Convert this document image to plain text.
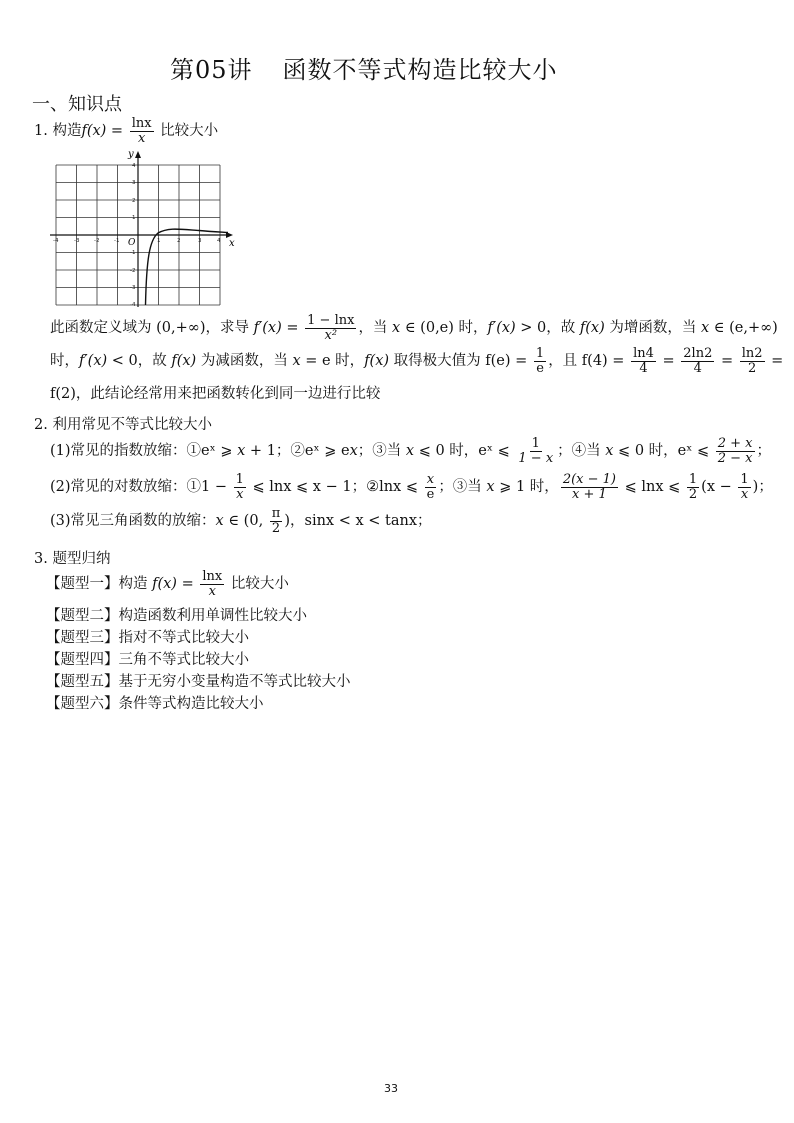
第05讲 函数不等式构造比较大小
一、知识点
1. 构造$f(x) = \frac{\ln x}{x}$ 比较大小
x
y
O
-4	-3	-2	-1	1	2	3	4
4
3
2
1
-1
-2
-3
-4
此函数定义域为 (0,+∞)，求导 $f'(x) = \frac{1 - \ln x}{\text{x²}}$ ，当 x ∈ (0,e) 时，f′(x) > 0，故 f(x) 为增函数，当 x ∈ (e,+∞)
时，f′(x) < 0，故 f(x) 为减函数，当 x = e 时，f(x) 取得极大值为 $f(e) = \frac{1}{e}$ ，且 $f(4) = \frac{\ln 4}{4} = \frac{2\ln 2}{4} = \frac{\ln 2}{2}$ =
f(2)，此结论经常用来把函数转化到同一边进行比较
2. 利用常见不等式比较大小
(1)常见的指数放缩：①eˣ ⩾ x + 1；②eˣ ⩾ ex；③当 x ⩽ 0 时，eˣ ⩽ $\frac{1}{1 - x}$ ；④当 x ⩽ 0 时，eˣ ⩽ $\frac{2 + x}{2 - x}$ ；
(2)常见的对数放缩：①1 − $\frac{1}{x}$ ⩽ lnx ⩽ x − 1；②lnx ⩽ $\frac{x}{e}$ ；③当 x ⩾ 1 时， $\frac{2(x - 1)}{x + 1}$ ⩽ lnx ⩽ $\frac{1}{2} (x - \frac{1}{x}$ )；
(3)常见三角函数的放缩：x ∈ (0, $\frac{\pi}{2}$ )，sinx < x < tanx；
3. 题型归纳
【题型一】构造 $f(x) = \frac{\ln x}{x}$ 比较大小
【题型二】构造函数利用单调性比较大小
【题型三】指对不等式比较大小
【题型四】三角不等式比较大小
【题型五】基于无穷小变量构造不等式比较大小
【题型六】条件等式构造比较大小
33
